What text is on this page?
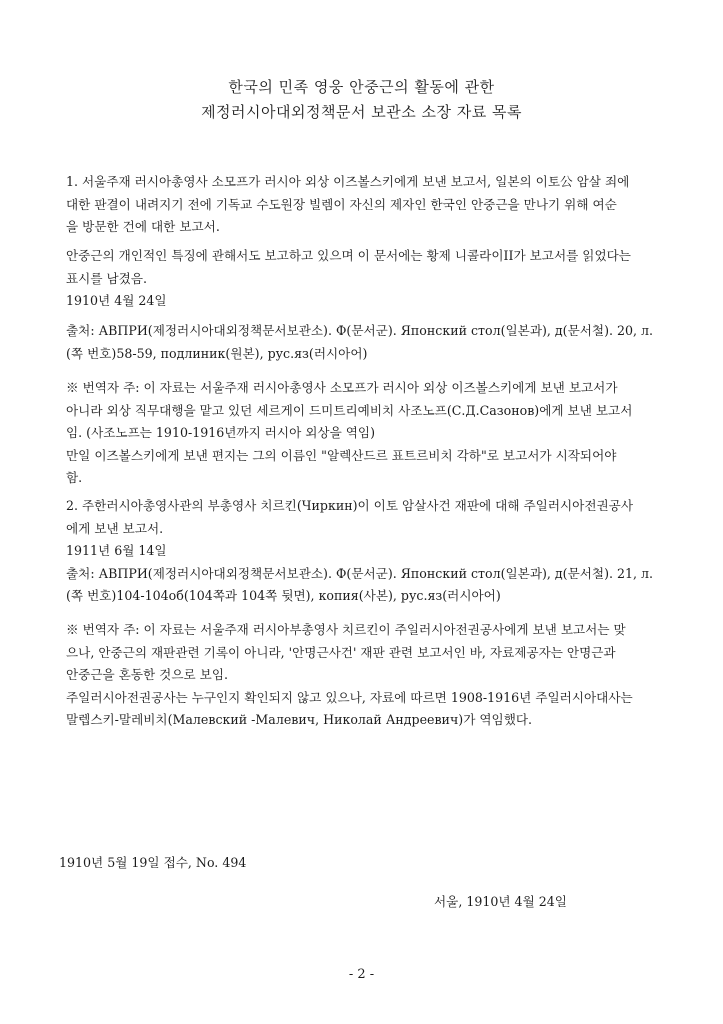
한국의 민족 영웅 안중근의 활동에 관한
제정러시아대외정책문서 보관소 소장 자료 목록
1. 서울주재 러시아총영사 소모프가 러시아 외상 이즈볼스키에게 보낸 보고서, 일본의 이토公 암살 죄에
대한 판결이 내려지기 전에 기독교 수도원장 빌렘이 자신의 제자인 한국인 안중근을 만나기 위해 여순
을 방문한 건에 대한 보고서.
안중근의 개인적인 특징에 관해서도 보고하고 있으며 이 문서에는 황제 니콜라이II가 보고서를 읽었다는
표시를 남겼음.
1910년 4월 24일
출처: АВПРИ(제정러시아대외정책문서보관소). Ф(문서군). Японский стол(일본과), д(문서철). 20, л.
(쪽 번호)58-59, подлиник(원본), рус.яз(러시아어)
※ 번역자 주: 이 자료는 서울주재 러시아총영사 소모프가 러시아 외상 이즈볼스키에게 보낸 보고서가
아니라 외상 직무대행을 맡고 있던 세르게이 드미트리예비치 사조노프(С.Д.Сазонов)에게 보낸 보고서
임. (사조노프는 1910-1916년까지 러시아 외상을 역임)
만일 이즈볼스키에게 보낸 편지는 그의 이름인 "알렉산드르 표트르비치 각하"로 보고서가 시작되어야
함.
2. 주한러시아총영사관의 부총영사 치르킨(Чиркин)이 이토 암살사건 재판에 대해 주일러시아전권공사
에게 보낸 보고서.
1911년 6월 14일
출처: АВПРИ(제정러시아대외정책문서보관소). Ф(문서군). Японский стол(일본과), д(문서철). 21, л.
(쪽 번호)104-104об(104쪽과 104쪽 뒷면), копия(사본), рус.яз(러시아어)
※ 번역자 주: 이 자료는 서울주재 러시아부총영사 치르킨이 주일러시아전권공사에게 보낸 보고서는 맞
으나, 안중근의 재판관련 기록이 아니라, '안명근사건' 재판 관련 보고서인 바, 자료제공자는 안명근과
안중근을 혼동한 것으로 보임.
주일러시아전권공사는 누구인지 확인되지 않고 있으나, 자료에 따르면 1908-1916년 주일러시아대사는
말렙스키-말레비치(Малевский -Малевич, Николай Андреевич)가 역임했다.
1910년 5월 19일 접수, No. 494
서울, 1910년 4월 24일
- 2 -
